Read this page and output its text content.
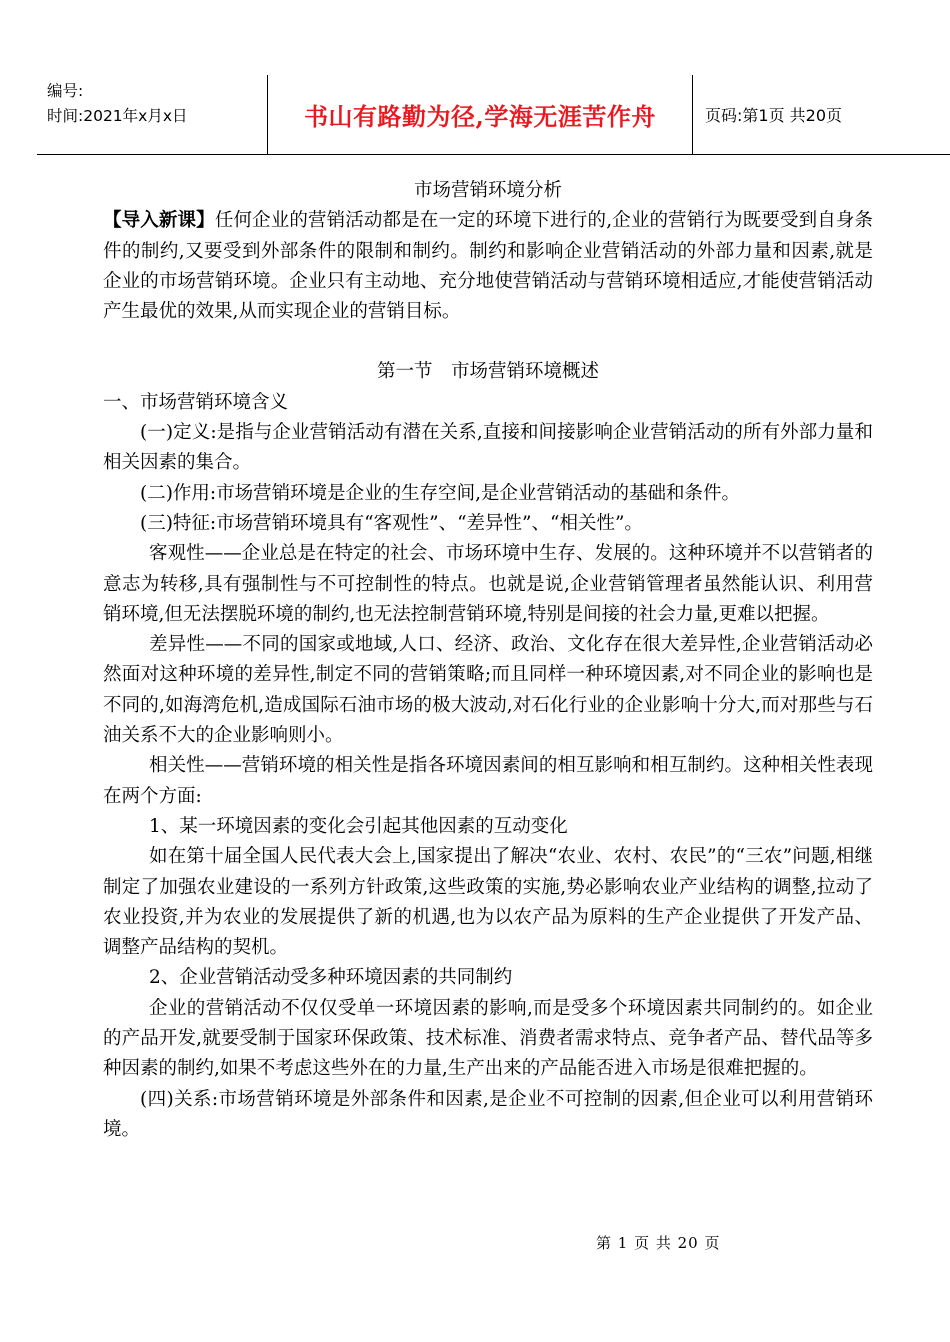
编号:
时间:2021年x月x日	书山有路勤为径,学海无涯苦作舟	页码:第1页 共20页

市场营销环境分析

【导入新课】任何企业的营销活动都是在一定的环境下进行的,企业的营销行为既要受到自身条件的制约,又要受到外部条件的限制和制约。制约和影响企业营销活动的外部力量和因素,就是企业的市场营销环境。企业只有主动地、充分地使营销活动与营销环境相适应,才能使营销活动产生最优的效果,从而实现企业的营销目标。

第一节　市场营销环境概述

一、市场营销环境含义

(一)定义:是指与企业营销活动有潜在关系,直接和间接影响企业营销活动的所有外部力量和相关因素的集合。

(二)作用:市场营销环境是企业的生存空间,是企业营销活动的基础和条件。

(三)特征:市场营销环境具有“客观性”、“差异性”、“相关性”。

客观性——企业总是在特定的社会、市场环境中生存、发展的。这种环境并不以营销者的意志为转移,具有强制性与不可控制性的特点。也就是说,企业营销管理者虽然能认识、利用营销环境,但无法摆脱环境的制约,也无法控制营销环境,特别是间接的社会力量,更难以把握。

差异性——不同的国家或地域,人口、经济、政治、文化存在很大差异性,企业营销活动必然面对这种环境的差异性,制定不同的营销策略;而且同样一种环境因素,对不同企业的影响也是不同的,如海湾危机,造成国际石油市场的极大波动,对石化行业的企业影响十分大,而对那些与石油关系不大的企业影响则小。

相关性——营销环境的相关性是指各环境因素间的相互影响和相互制约。这种相关性表现在两个方面:

1、某一环境因素的变化会引起其他因素的互动变化

如在第十届全国人民代表大会上,国家提出了解决“农业、农村、农民”的“三农”问题,相继制定了加强农业建设的一系列方针政策,这些政策的实施,势必影响农业产业结构的调整,拉动了农业投资,并为农业的发展提供了新的机遇,也为以农产品为原料的生产企业提供了开发产品、调整产品结构的契机。

2、企业营销活动受多种环境因素的共同制约

企业的营销活动不仅仅受单一环境因素的影响,而是受多个环境因素共同制约的。如企业的产品开发,就要受制于国家环保政策、技术标准、消费者需求特点、竞争者产品、替代品等多种因素的制约,如果不考虑这些外在的力量,生产出来的产品能否进入市场是很难把握的。

(四)关系:市场营销环境是外部条件和因素,是企业不可控制的因素,但企业可以利用营销环境。

第 1 页 共 20 页
